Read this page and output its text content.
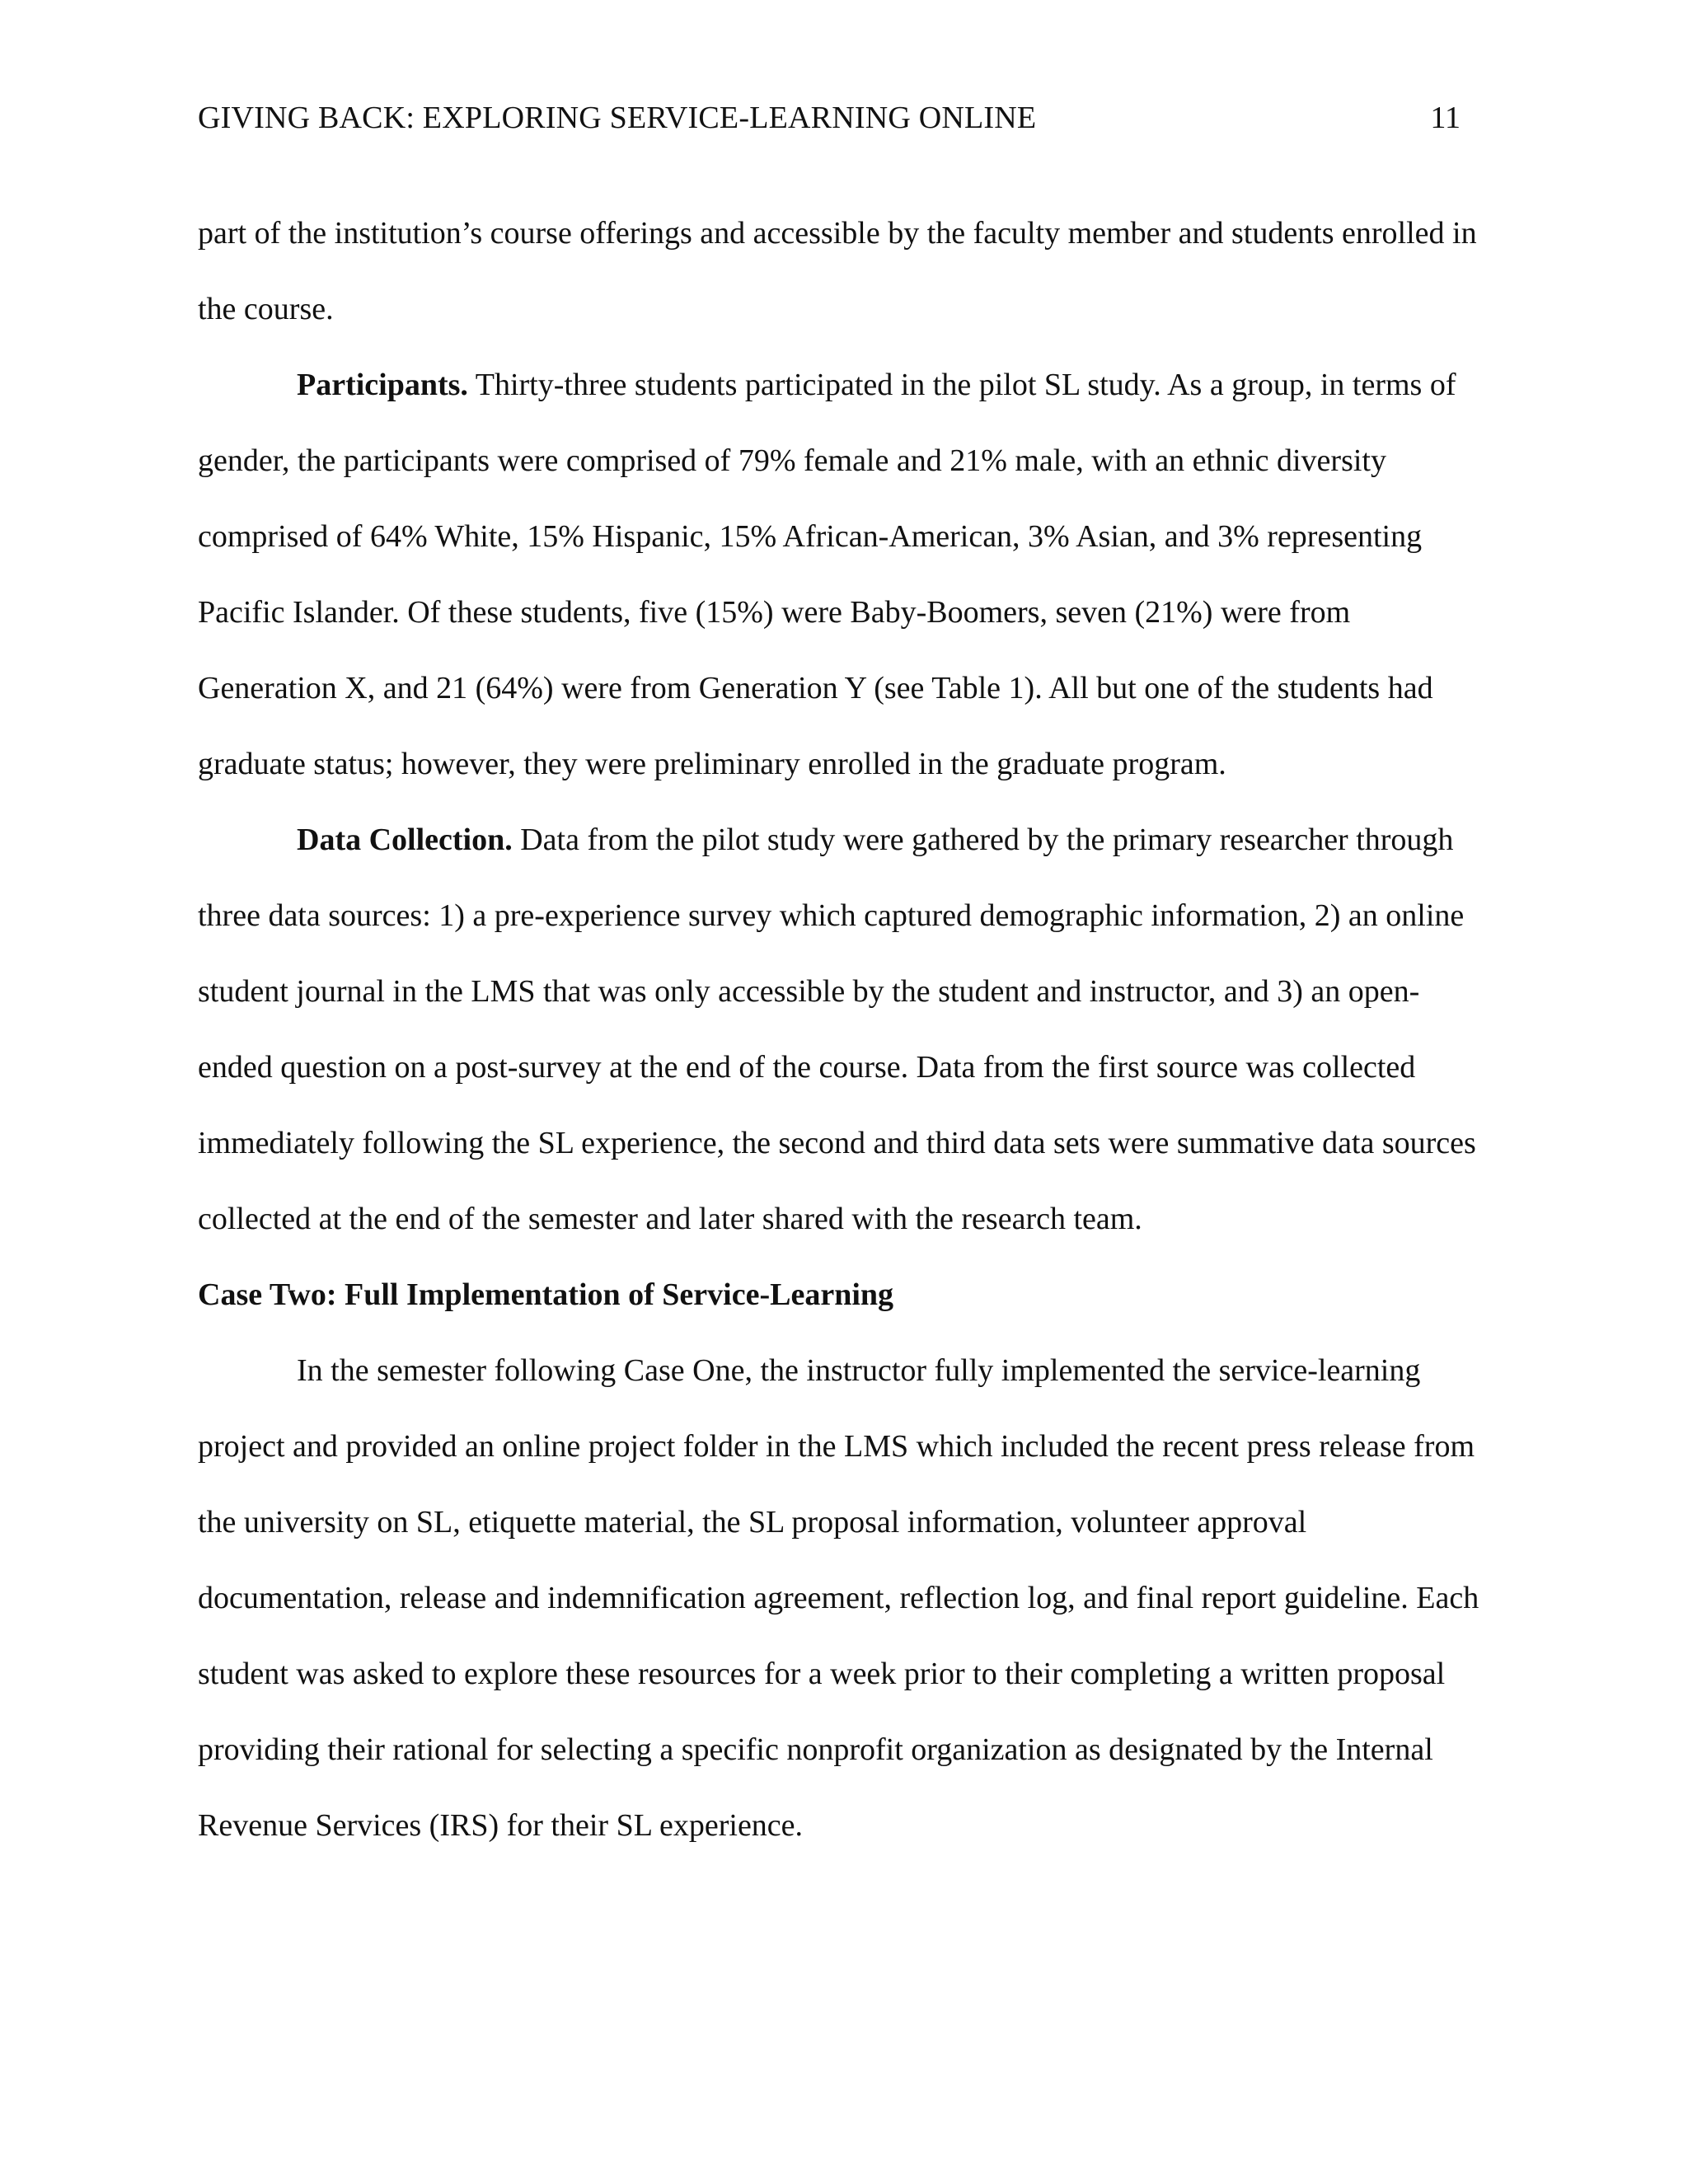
GIVING BACK: EXPLORING SERVICE-LEARNING ONLINE	11

part of the institution’s course offerings and accessible by the faculty member and students enrolled in the course.

Participants. Thirty-three students participated in the pilot SL study. As a group, in terms of gender, the participants were comprised of 79% female and 21% male, with an ethnic diversity comprised of 64% White, 15% Hispanic, 15% African-American, 3% Asian, and 3% representing Pacific Islander. Of these students, five (15%) were Baby-Boomers, seven (21%) were from Generation X, and 21 (64%) were from Generation Y (see Table 1). All but one of the students had graduate status; however, they were preliminary enrolled in the graduate program.

Data Collection. Data from the pilot study were gathered by the primary researcher through three data sources: 1) a pre-experience survey which captured demographic information, 2) an online student journal in the LMS that was only accessible by the student and instructor, and 3) an open-ended question on a post-survey at the end of the course. Data from the first source was collected immediately following the SL experience, the second and third data sets were summative data sources collected at the end of the semester and later shared with the research team.

Case Two: Full Implementation of Service-Learning

In the semester following Case One, the instructor fully implemented the service-learning project and provided an online project folder in the LMS which included the recent press release from the university on SL, etiquette material, the SL proposal information, volunteer approval documentation, release and indemnification agreement, reflection log, and final report guideline. Each student was asked to explore these resources for a week prior to their completing a written proposal providing their rational for selecting a specific nonprofit organization as designated by the Internal Revenue Services (IRS) for their SL experience.
